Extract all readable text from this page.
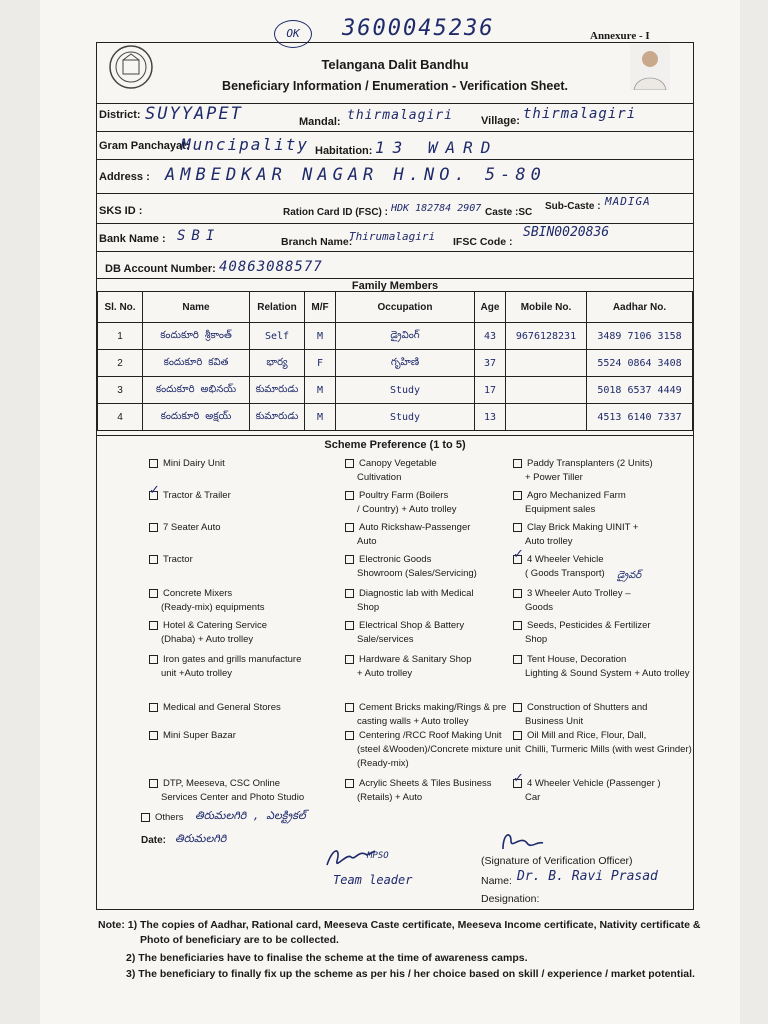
OK	3600045236	Annexure - I
Telangana Dalit Bandhu
Beneficiary Information / Enumeration - Verification Sheet.
District: SUYYAPET	Mandal: thirmalagiri	Village: thirmalagiri
Gram Panchayat:
Muncipality Habitation: 13 WARD
Address : AMBEDKAR NAGAR H.NO. 5-80
SKS ID :	Ration Card ID (FSC) : HDK 182784 2907 Caste :SC
Sub-Caste : MADIGA
Bank Name : SBI	Branch Name:
Thirumalagiri IFSC Code :
SBIN0020836
DB Account Number: 40863088577
Family Members
Sl. No.	Name	Relation	M/F	Occupation	Age	Mobile No.	Aadhar No.
1	కందుకూరి శ్రీకాంత్	Self	M	డ్రైవింగ్	43	9676128231	3489 7106 3158
2	కందుకూరి కవిత	భార్య	F	గృహిణి	37		5524 0864 3408
3	కందుకూరి అభినయ్	కుమారుడు	M	Study	17		5018 6537 4449
4	కందుకూరి అక్షయ్	కుమారుడు	M	Study	13		4513 6140 7337
Scheme Preference (1 to 5)
Mini Dairy Unit
✓Tractor & Trailer
7 Seater Auto
Tractor
Concrete Mixers
(Ready-mix) equipments
Hotel & Catering Service
(Dhaba) + Auto trolley
Iron gates and grills manufacture
unit +Auto trolley
Medical and General Stores
Mini Super Bazar
DTP, Meeseva, CSC Online
Services Center and Photo Studio
Canopy Vegetable
Cultivation
Poultry Farm (Boilers
/ Country) + Auto trolley
Auto Rickshaw-Passenger
Auto
Electronic Goods
Showroom (Sales/Servicing)
Diagnostic lab with Medical
Shop
Electrical Shop & Battery
Sale/services
Hardware & Sanitary Shop
+ Auto trolley
Cement Bricks making/Rings & pre
casting walls + Auto trolley
Centering /RCC Roof Making Unit
(steel &Wooden)/Concrete mixture unit (Ready-mix)
Acrylic Sheets & Tiles Business
(Retails) + Auto
Paddy Transplanters (2 Units)
+ Power Tiller
Agro Mechanized Farm
Equipment sales
Clay Brick Making UINIT +
Auto trolley
✓4 Wheeler Vehicle
( Goods Transport)
3 Wheeler Auto Trolley –
Goods
Seeds, Pesticides & Fertilizer
Shop
Tent House, Decoration
Lighting & Sound System + Auto trolley
Construction of Shutters and
Business Unit
Oil Mill and Rice, Flour, Dall,
Chilli, Turmeric Mills (with west Grinder)
✓4 Wheeler Vehicle (Passenger )
Car
Others	తిరుమలగిరి , ఎలక్ట్రికల్
డ్రైవర్
Date: తిరుమలగిరి
MPSO
Team leader
(Signature of Verification Officer)
Name: Dr. B. Ravi Prasad
Designation:
Note: 1) The copies of Aadhar, Rational card, Meeseva Caste certificate, Meeseva Income certificate, Nativity certificate &
Photo of beneficiary are to be collected.
2) The beneficiaries have to finalise the scheme at the time of awareness camps.
3) The beneficiary to finally fix up the scheme as per his / her choice based on skill / experience / market potential.
